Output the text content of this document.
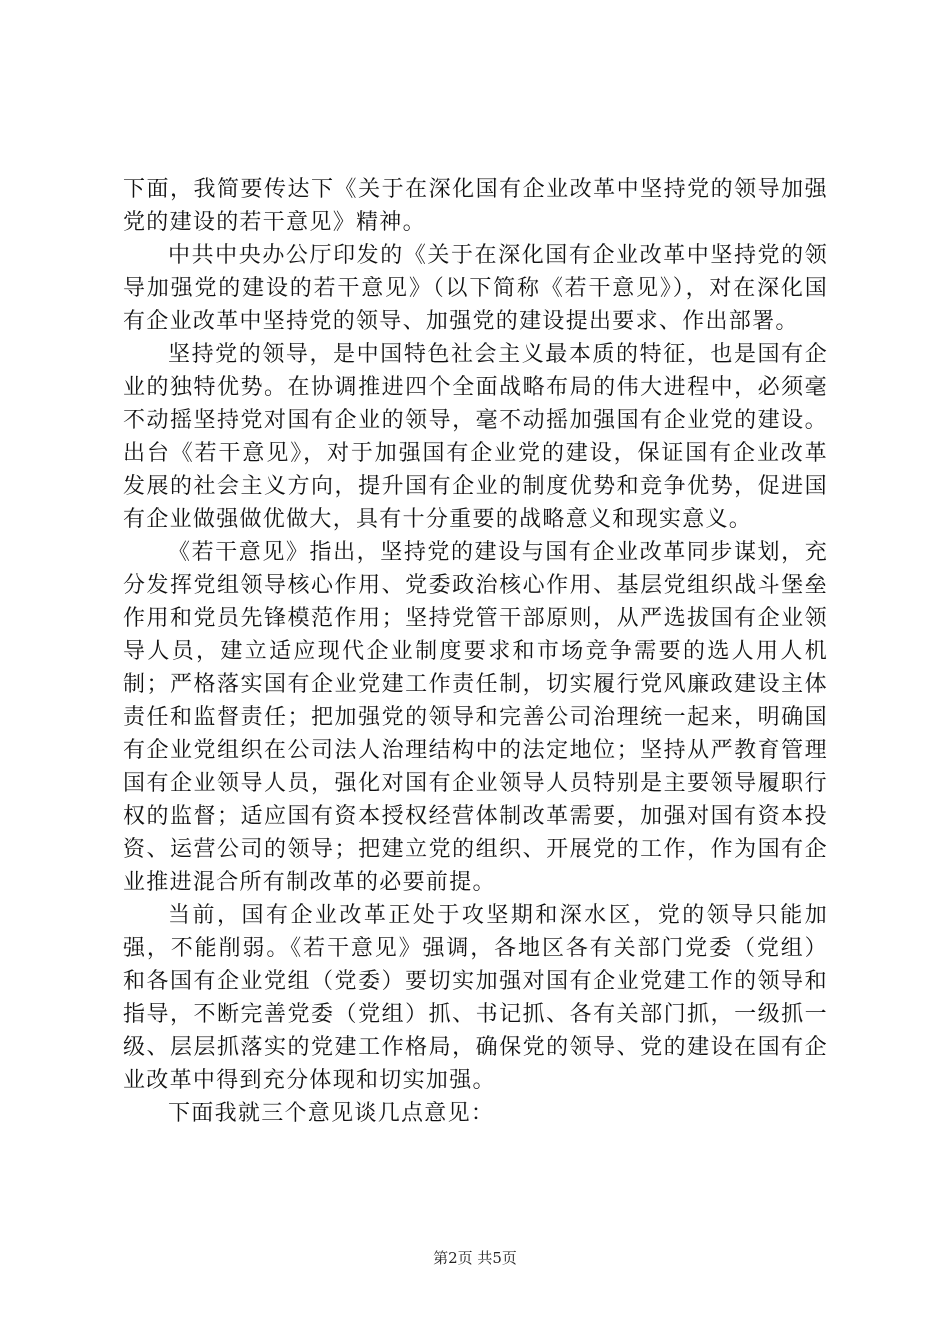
下面，我简要传达下《关于在深化国有企业改革中坚持党的领导加强党的建设的若干意见》精神。

中共中央办公厅印发的《关于在深化国有企业改革中坚持党的领导加强党的建设的若干意见》（以下简称《若干意见》），对在深化国有企业改革中坚持党的领导、加强党的建设提出要求、作出部署。

坚持党的领导，是中国特色社会主义最本质的特征，也是国有企业的独特优势。在协调推进四个全面战略布局的伟大进程中，必须毫不动摇坚持党对国有企业的领导，毫不动摇加强国有企业党的建设。出台《若干意见》，对于加强国有企业党的建设，保证国有企业改革发展的社会主义方向，提升国有企业的制度优势和竞争优势，促进国有企业做强做优做大，具有十分重要的战略意义和现实意义。

《若干意见》指出，坚持党的建设与国有企业改革同步谋划，充分发挥党组领导核心作用、党委政治核心作用、基层党组织战斗堡垒作用和党员先锋模范作用；坚持党管干部原则，从严选拔国有企业领导人员，建立适应现代企业制度要求和市场竞争需要的选人用人机制；严格落实国有企业党建工作责任制，切实履行党风廉政建设主体责任和监督责任；把加强党的领导和完善公司治理统一起来，明确国有企业党组织在公司法人治理结构中的法定地位；坚持从严教育管理国有企业领导人员，强化对国有企业领导人员特别是主要领导履职行权的监督；适应国有资本授权经营体制改革需要，加强对国有资本投资、运营公司的领导；把建立党的组织、开展党的工作，作为国有企业推进混合所有制改革的必要前提。

当前，国有企业改革正处于攻坚期和深水区，党的领导只能加强，不能削弱。《若干意见》强调，各地区各有关部门党委（党组）和各国有企业党组（党委）要切实加强对国有企业党建工作的领导和指导，不断完善党委（党组）抓、书记抓、各有关部门抓，一级抓一级、层层抓落实的党建工作格局，确保党的领导、党的建设在国有企业改革中得到充分体现和切实加强。

下面我就三个意见谈几点意见：

第2页 共5页
